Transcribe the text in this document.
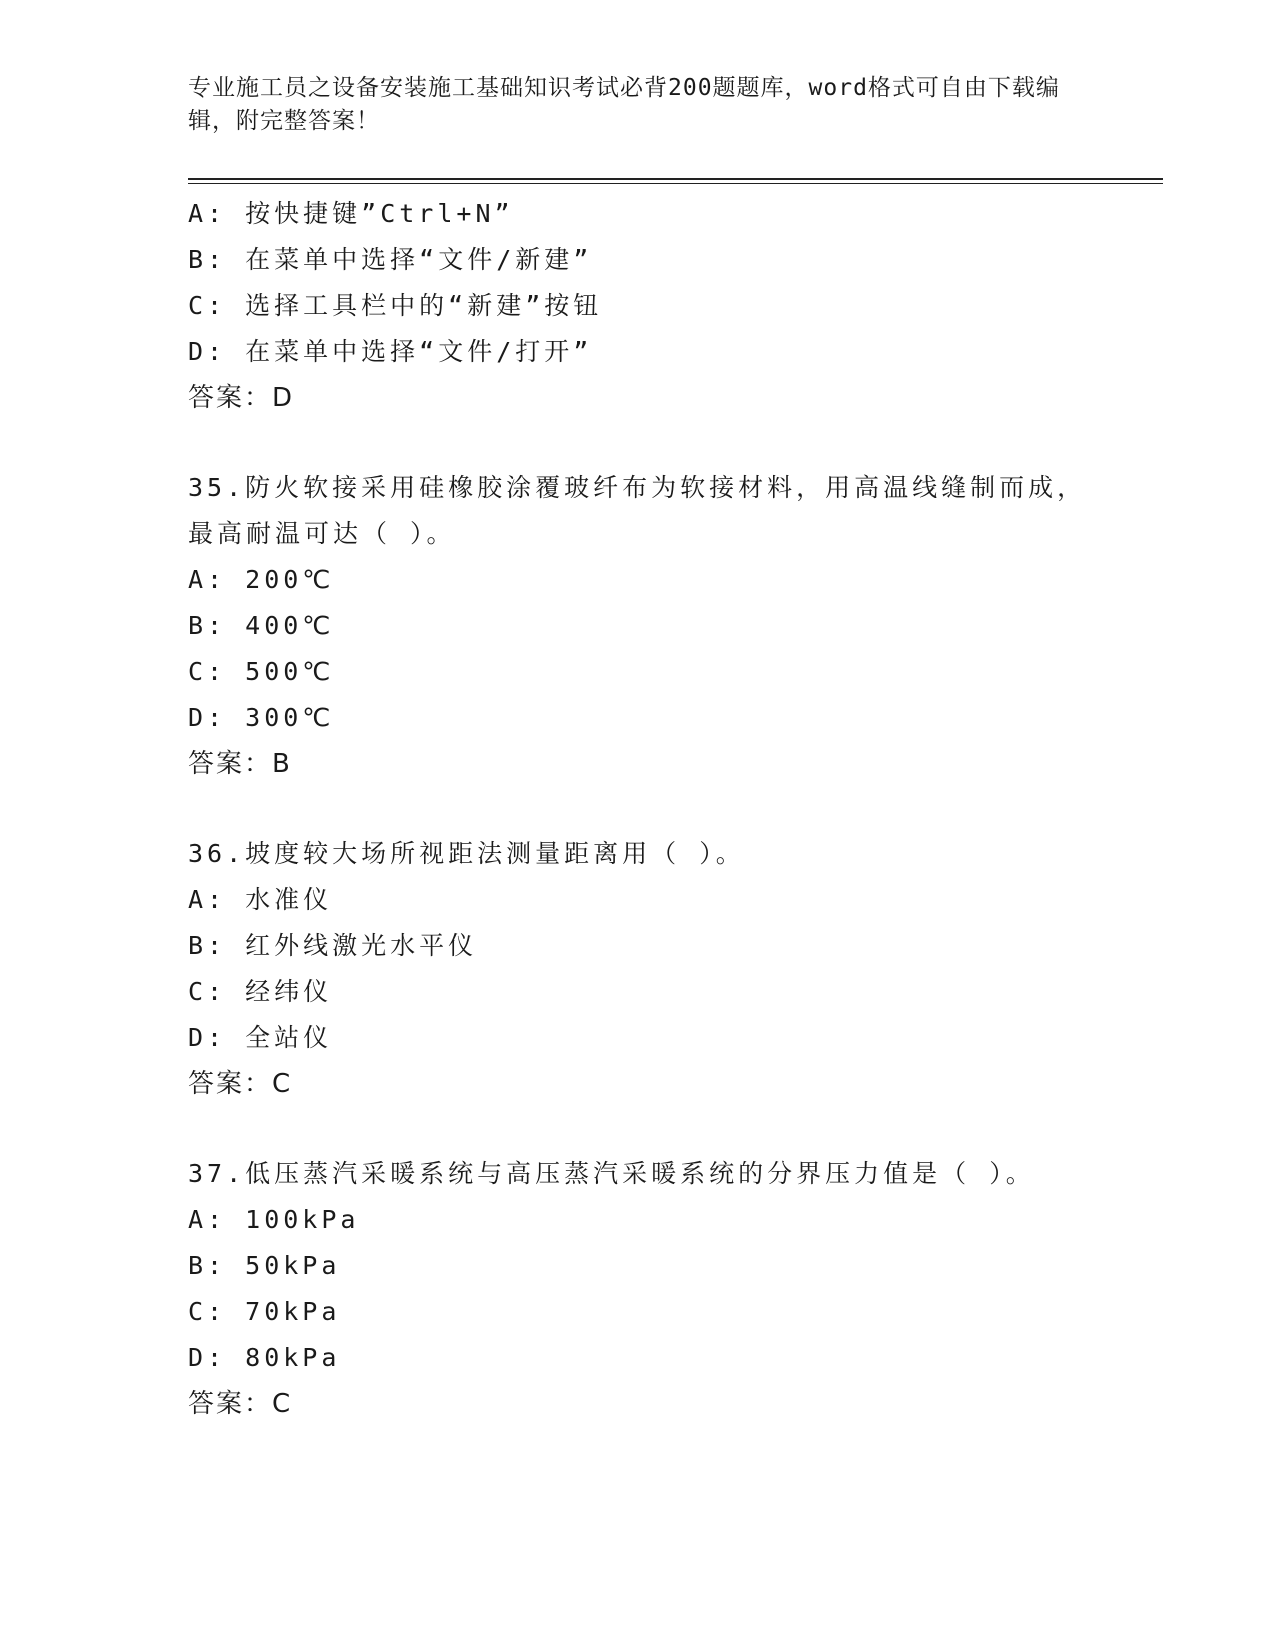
专业施工员之设备安装施工基础知识考试必背200题题库，word格式可自由下载编辑，附完整答案！
A: 按快捷键”Ctrl+N”
B: 在菜单中选择“文件/新建”
C: 选择工具栏中的“新建”按钮
D: 在菜单中选择“文件/打开”
答案：D
35.防火软接采用硅橡胶涂覆玻纤布为软接材料，用高温线缝制而成，
最高耐温可达（ ）。
A: 200℃
B: 400℃
C: 500℃
D: 300℃
答案：B
36.坡度较大场所视距法测量距离用（ ）。
A: 水准仪
B: 红外线激光水平仪
C: 经纬仪
D: 全站仪
答案：C
37.低压蒸汽采暖系统与高压蒸汽采暖系统的分界压力值是（ ）。
A: 100kPa
B: 50kPa
C: 70kPa
D: 80kPa
答案：C
